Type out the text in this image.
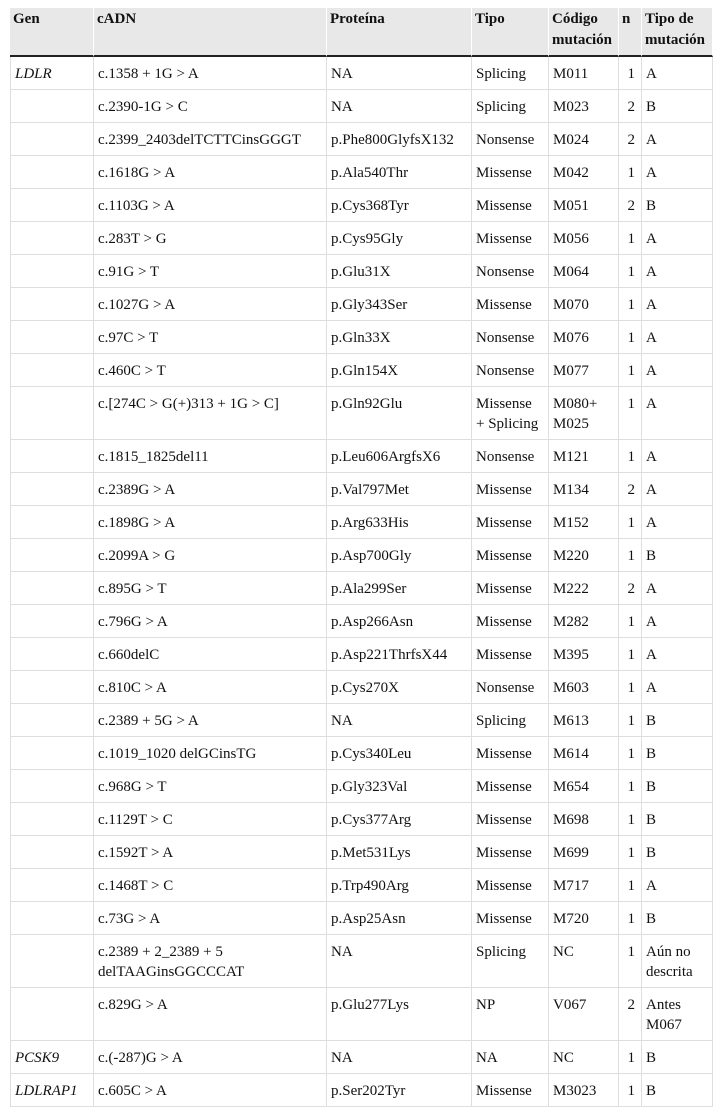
Gen	cADN	Proteína	Tipo	Código mutación	n	Tipo de mutación
LDLR	c.1358 + 1G > A	NA	Splicing	M011	1	A
	c.2390-1G > C	NA	Splicing	M023	2	B
	c.2399_2403delTCTTCinsGGGT	p.Phe800GlyfsX132	Nonsense	M024	2	A
	c.1618G > A	p.Ala540Thr	Missense	M042	1	A
	c.1103G > A	p.Cys368Tyr	Missense	M051	2	B
	c.283T > G	p.Cys95Gly	Missense	M056	1	A
	c.91G > T	p.Glu31X	Nonsense	M064	1	A
	c.1027G > A	p.Gly343Ser	Missense	M070	1	A
	c.97C > T	p.Gln33X	Nonsense	M076	1	A
	c.460C > T	p.Gln154X	Nonsense	M077	1	A
	c.[274C > G(+)313 + 1G > C]	p.Gln92Glu	Missense + Splicing	M080+ M025	1	A
	c.1815_1825del11	p.Leu606ArgfsX6	Nonsense	M121	1	A
	c.2389G > A	p.Val797Met	Missense	M134	2	A
	c.1898G > A	p.Arg633His	Missense	M152	1	A
	c.2099A > G	p.Asp700Gly	Missense	M220	1	B
	c.895G > T	p.Ala299Ser	Missense	M222	2	A
	c.796G > A	p.Asp266Asn	Missense	M282	1	A
	c.660delC	p.Asp221ThrfsX44	Missense	M395	1	A
	c.810C > A	p.Cys270X	Nonsense	M603	1	A
	c.2389 + 5G > A	NA	Splicing	M613	1	B
	c.1019_1020 delGCinsTG	p.Cys340Leu	Missense	M614	1	B
	c.968G > T	p.Gly323Val	Missense	M654	1	B
	c.1129T > C	p.Cys377Arg	Missense	M698	1	B
	c.1592T > A	p.Met531Lys	Missense	M699	1	B
	c.1468T > C	p.Trp490Arg	Missense	M717	1	A
	c.73G > A	p.Asp25Asn	Missense	M720	1	B
	c.2389 + 2_2389 + 5 delTAAGinsGGCCCAT	NA	Splicing	NC	1	Aún no descrita
	c.829G > A	p.Glu277Lys	NP	V067	2	Antes M067
PCSK9	c.(-287)G > A	NA	NA	NC	1	B
LDLRAP1	c.605C > A	p.Ser202Tyr	Missense	M3023	1	B
